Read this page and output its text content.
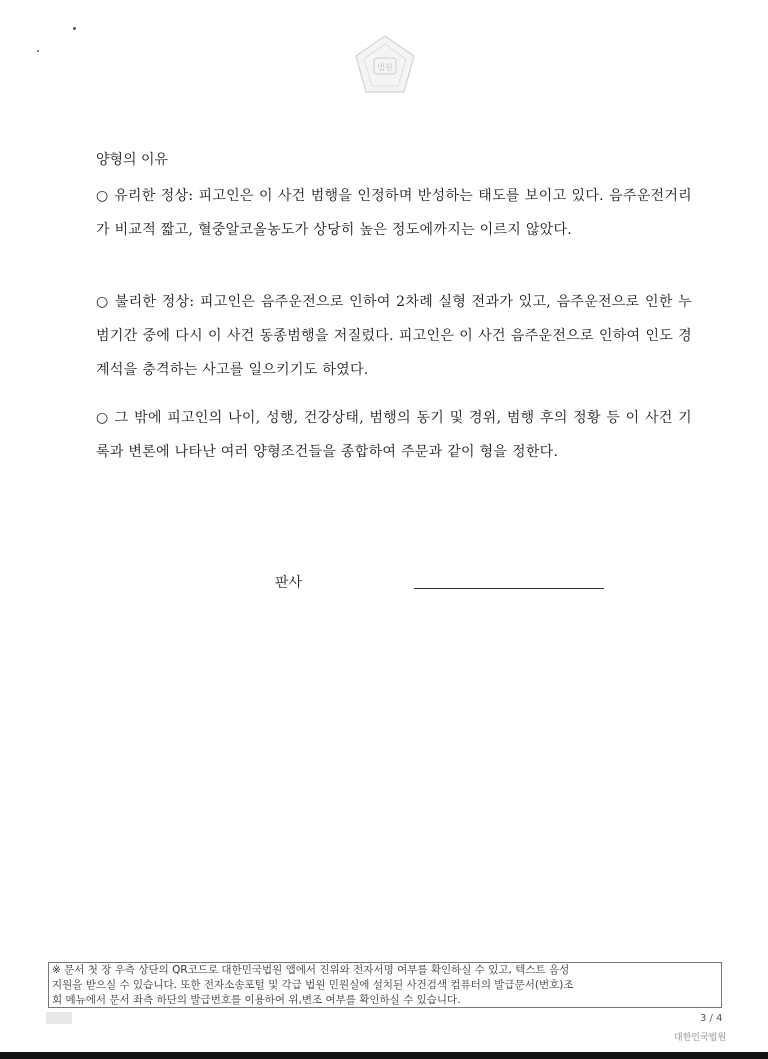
법원
양형의 이유
○ 유리한 정상: 피고인은 이 사건 범행을 인정하며 반성하는 태도를 보이고 있다. 음주운전거리가 비교적 짧고, 혈중알코올농도가 상당히 높은 정도에까지는 이르지 않았다.
○ 불리한 정상: 피고인은 음주운전으로 인하여 2차례 실형 전과가 있고, 음주운전으로 인한 누범기간 중에 다시 이 사건 동종범행을 저질렀다. 피고인은 이 사건 음주운전으로 인하여 인도 경계석을 충격하는 사고를 일으키기도 하였다.
○ 그 밖에 피고인의 나이, 성행, 건강상태, 범행의 동기 및 경위, 범행 후의 정황 등 이 사건 기록과 변론에 나타난 여러 양형조건들을 종합하여 주문과 같이 형을 정한다.
판사
※ 문서 첫 장 우측 상단의 QR코드로 대한민국법원 앱에서 진위와 전자서명 여부를 확인하실 수 있고, 텍스트 음성
지원을 받으실 수 있습니다. 또한 전자소송포털 및 각급 법원 민원실에 설치된 사건검색 컴퓨터의 발급문서(번호)조
회 메뉴에서 문서 좌측 하단의 발급번호를 이용하여 위,변조 여부를 확인하실 수 있습니다.
3 / 4
대한민국법원
